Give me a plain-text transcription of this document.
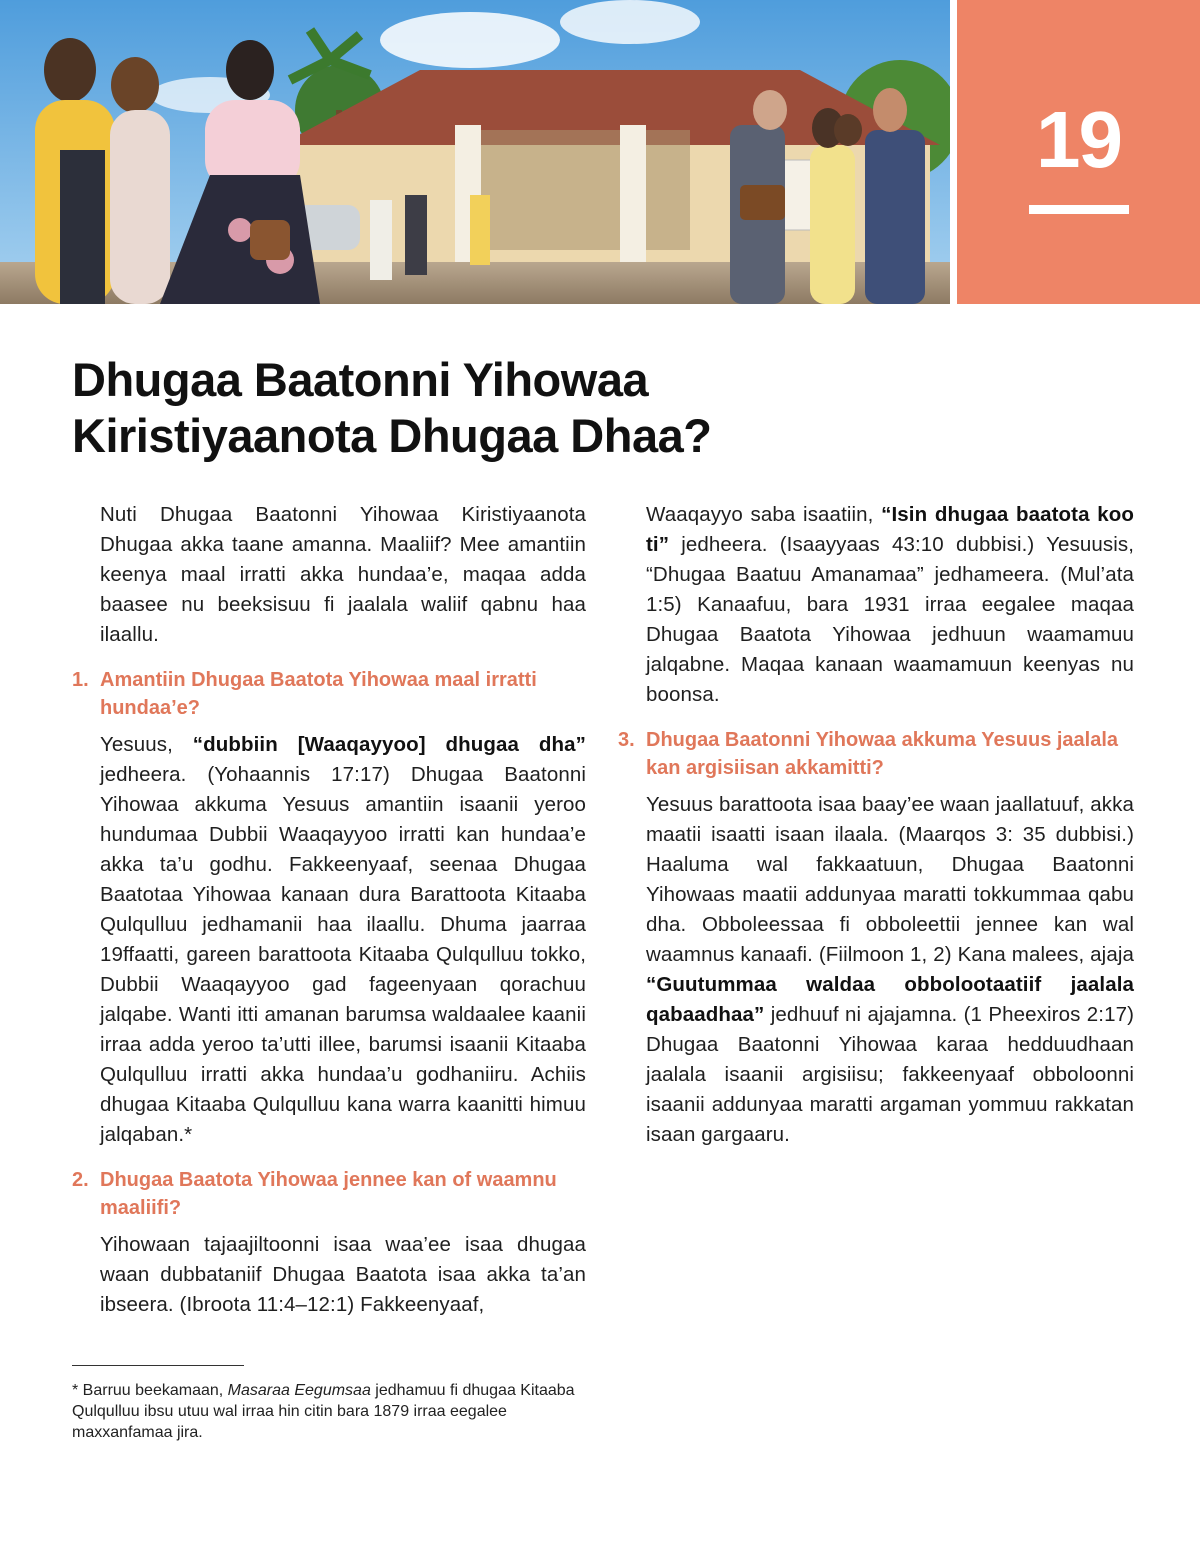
19
Dhugaa Baatonni Yihowaa
Kiristiyaanota Dhugaa Dhaa?

Nuti Dhugaa Baatonni Yihowaa Kiristiyaanota Dhugaa akka taane amanna. Maaliif? Mee amantiin keenya maal irratti akka hundaa’e, maqaa adda baasee nu beeksisuu fi jaalala waliif qabnu haa ilaallu.

1. Amantiin Dhugaa Baatota Yihowaa maal irratti hundaa’e?

Yesuus, “dubbiin [Waaqayyoo] dhugaa dha” jedheera. (Yohaannis 17:17) Dhugaa Baatonni Yihowaa akkuma Yesuus amantiin isaanii yeroo hundumaa Dubbii Waaqayyoo irratti kan hundaa’e akka ta’u godhu. Fakkeenyaaf, seenaa Dhugaa Baatotaa Yihowaa kanaan dura Barattoota Kitaaba Qulqulluu jedhamanii haa ilaallu. Dhuma jaarraa 19ffaatti, gareen barattoota Kitaaba Qulqulluu tokko, Dubbii Waaqayyoo gad fageenyaan qorachuu jalqabe. Wanti itti amanan barumsa waldaalee kaanii irraa adda yeroo ta’utti illee, barumsi isaanii Kitaaba Qulqulluu irratti akka hundaa’u godhaniiru. Achiis dhugaa Kitaaba Qulqulluu kana warra kaanitti himuu jalqaban.*

2. Dhugaa Baatota Yihowaa jennee kan of waamnu maaliifi?

Yihowaan tajaajiltoonni isaa waa’ee isaa dhugaa waan dubbataniif Dhugaa Baatota isaa akka ta’an ibseera. (Ibroota 11:4–12:1) Fakkeenyaaf,

Waaqayyo saba isaatiin, “Isin dhugaa baatota koo ti” jedheera. (Isaayyaas 43:10 dubbisi.) Yesuusis, “Dhugaa Baatuu Amanamaa” jedhameera. (Mul’ata 1:5) Kanaafuu, bara 1931 irraa eegalee maqaa Dhugaa Baatota Yihowaa jedhuun waamamuu jalqabne. Maqaa kanaan waamamuun keenyas nu boonsa.

3. Dhugaa Baatonni Yihowaa akkuma Yesuus jaalala kan argisiisan akkamitti?

Yesuus barattoota isaa baay’ee waan jaallatuuf, akka maatii isaatti isaan ilaala. (Maarqos 3: 35 dubbisi.) Haaluma wal fakkaatuun, Dhugaa Baatonni Yihowaas maatii addunyaa maratti tokkummaa qabu dha. Obboleessaa fi obboleettii jennee kan wal waamnus kanaafi. (Fiilmoon 1, 2) Kana malees, ajaja “Guutummaa waldaa obbolootaatiif jaalala qabaadhaa” jedhuuf ni ajajamna. (1 Pheexiros 2:17) Dhugaa Baatonni Yihowaa karaa hedduudhaan jaalala isaanii argisiisu; fakkeenyaaf obboloonni isaanii addunyaa maratti argaman yommuu rakkatan isaan gargaaru.

* Barruu beekamaan, Masaraa Eegumsaa jedhamuu fi dhugaa Kitaaba Qulqulluu ibsu utuu wal irraa hin citin bara 1879 irraa eegalee maxxanfamaa jira.
